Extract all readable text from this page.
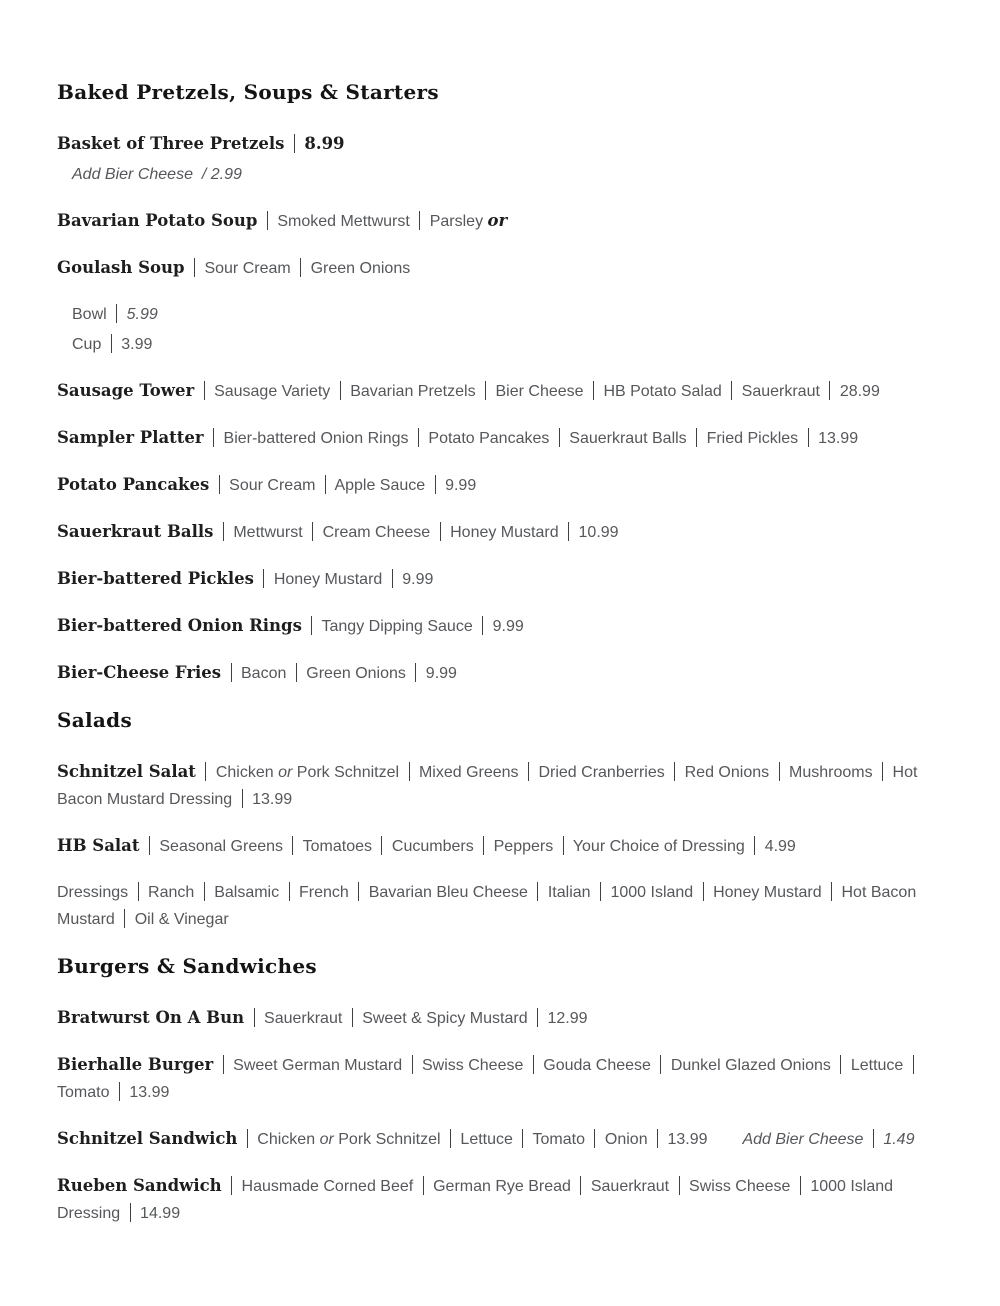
Baked Pretzels, Soups & Starters
Basket of Three Pretzels 8.99
Add Bier Cheese  / 2.99
Bavarian Potato Soup Smoked Mettwurst Parsley or
Goulash Soup Sour Cream Green Onions
Bowl 5.99
Cup 3.99
Sausage Tower Sausage Variety Bavarian Pretzels Bier Cheese HB Potato Salad Sauerkraut 28.99
Sampler Platter Bier-battered Onion Rings Potato Pancakes Sauerkraut Balls Fried Pickles 13.99
Potato Pancakes Sour Cream Apple Sauce 9.99
Sauerkraut Balls Mettwurst Cream Cheese Honey Mustard 10.99
Bier-battered Pickles Honey Mustard 9.99
Bier-battered Onion Rings Tangy Dipping Sauce 9.99
Bier-Cheese Fries Bacon Green Onions 9.99
Salads
Schnitzel Salat Chicken or Pork Schnitzel Mixed Greens Dried Cranberries Red Onions Mushrooms Hot Bacon Mustard Dressing 13.99
HB Salat Seasonal Greens Tomatoes Cucumbers Peppers Your Choice of Dressing 4.99
Dressings Ranch Balsamic French Bavarian Bleu Cheese Italian 1000 Island Honey Mustard Hot Bacon Mustard Oil & Vinegar
Burgers & Sandwiches
Bratwurst On A Bun Sauerkraut Sweet & Spicy Mustard 12.99
Bierhalle Burger Sweet German Mustard Swiss Cheese Gouda Cheese Dunkel Glazed Onions Lettuce  Tomato 13.99
Schnitzel Sandwich Chicken or Pork Schnitzel Lettuce Tomato Onion 13.99 Add Bier Cheese 1.49
Rueben Sandwich Hausmade Corned Beef German Rye Bread Sauerkraut Swiss Cheese 1000 Island Dressing 14.99
